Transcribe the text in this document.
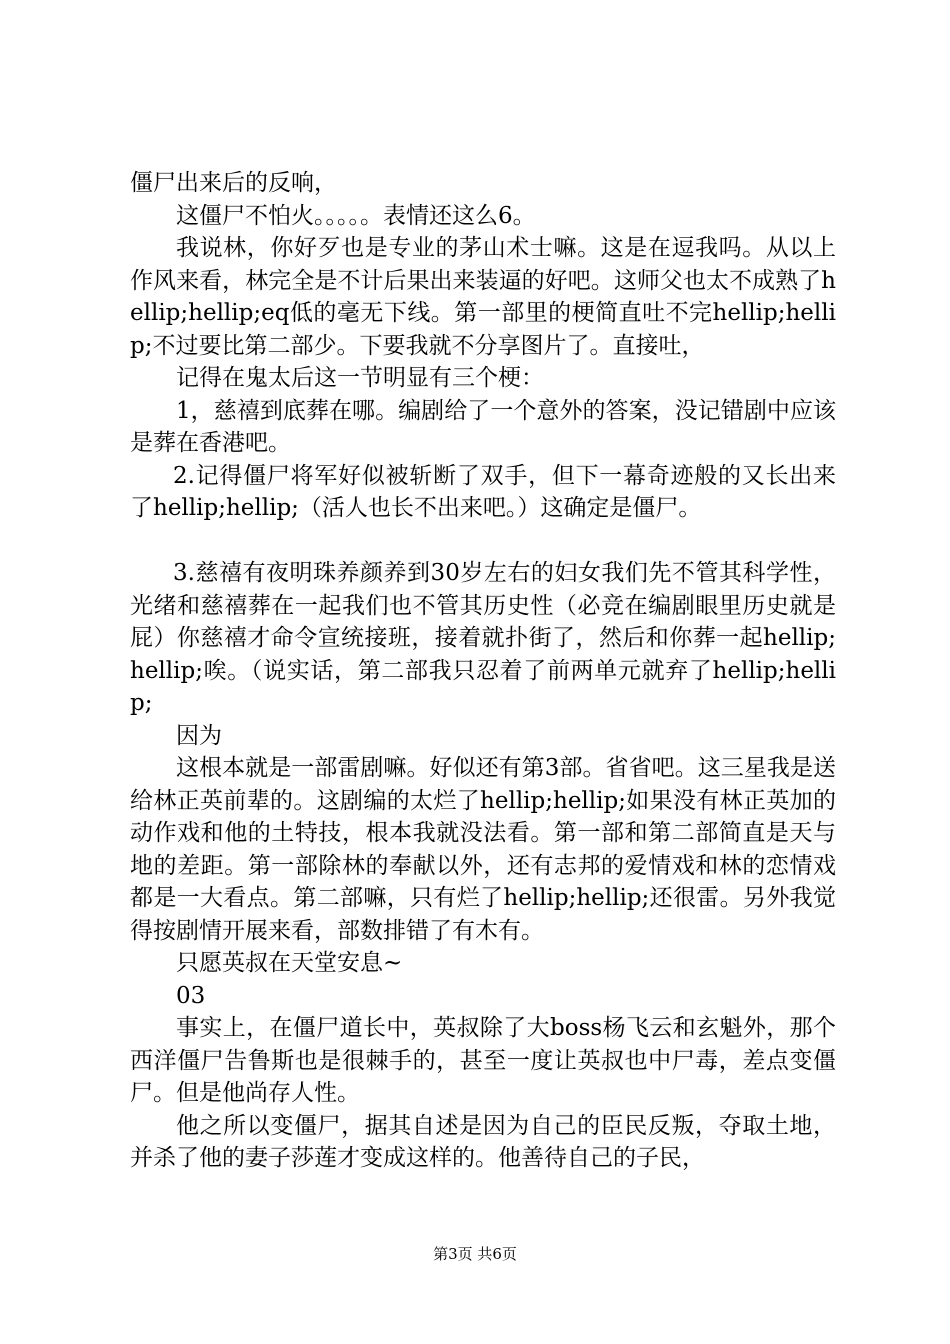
僵尸出来后的反响，

这僵尸不怕火。。。。。表情还这么6。

我说林，你好歹也是专业的茅山术士嘛。这是在逗我吗。从以上作风来看，林完全是不计后果出来装逼的好吧。这师父也太不成熟了hellip;hellip;eq低的毫无下线。第一部里的梗简直吐不完hellip;hellip;不过要比第二部少。下要我就不分享图片了。直接吐，

记得在鬼太后这一节明显有三个梗：

1，慈禧到底葬在哪。编剧给了一个意外的答案，没记错剧中应该是葬在香港吧。

2.记得僵尸将军好似被斩断了双手，但下一幕奇迹般的又长出来了hellip;hellip;（活人也长不出来吧。）这确定是僵尸。

3.慈禧有夜明珠养颜养到30岁左右的妇女我们先不管其科学性，光绪和慈禧葬在一起我们也不管其历史性（必竞在编剧眼里历史就是屁）你慈禧才命令宣统接班，接着就扑街了，然后和你葬一起hellip;hellip;唉。（说实话，第二部我只忍着了前两单元就弃了hellip;hellip;

因为

这根本就是一部雷剧嘛。好似还有第3部。省省吧。这三星我是送给林正英前辈的。这剧编的太烂了hellip;hellip;如果没有林正英加的动作戏和他的土特技，根本我就没法看。第一部和第二部简直是天与地的差距。第一部除林的奉献以外，还有志邦的爱情戏和林的恋情戏都是一大看点。第二部嘛，只有烂了hellip;hellip;还很雷。另外我觉得按剧情开展来看，部数排错了有木有。

只愿英叔在天堂安息~

03

事实上，在僵尸道长中，英叔除了大boss杨飞云和玄魁外，那个西洋僵尸告鲁斯也是很棘手的，甚至一度让英叔也中尸毒，差点变僵尸。但是他尚存人性。

他之所以变僵尸，据其自述是因为自己的臣民反叛，夺取土地，并杀了他的妻子莎莲才变成这样的。他善待自己的子民，

第3页 共6页
